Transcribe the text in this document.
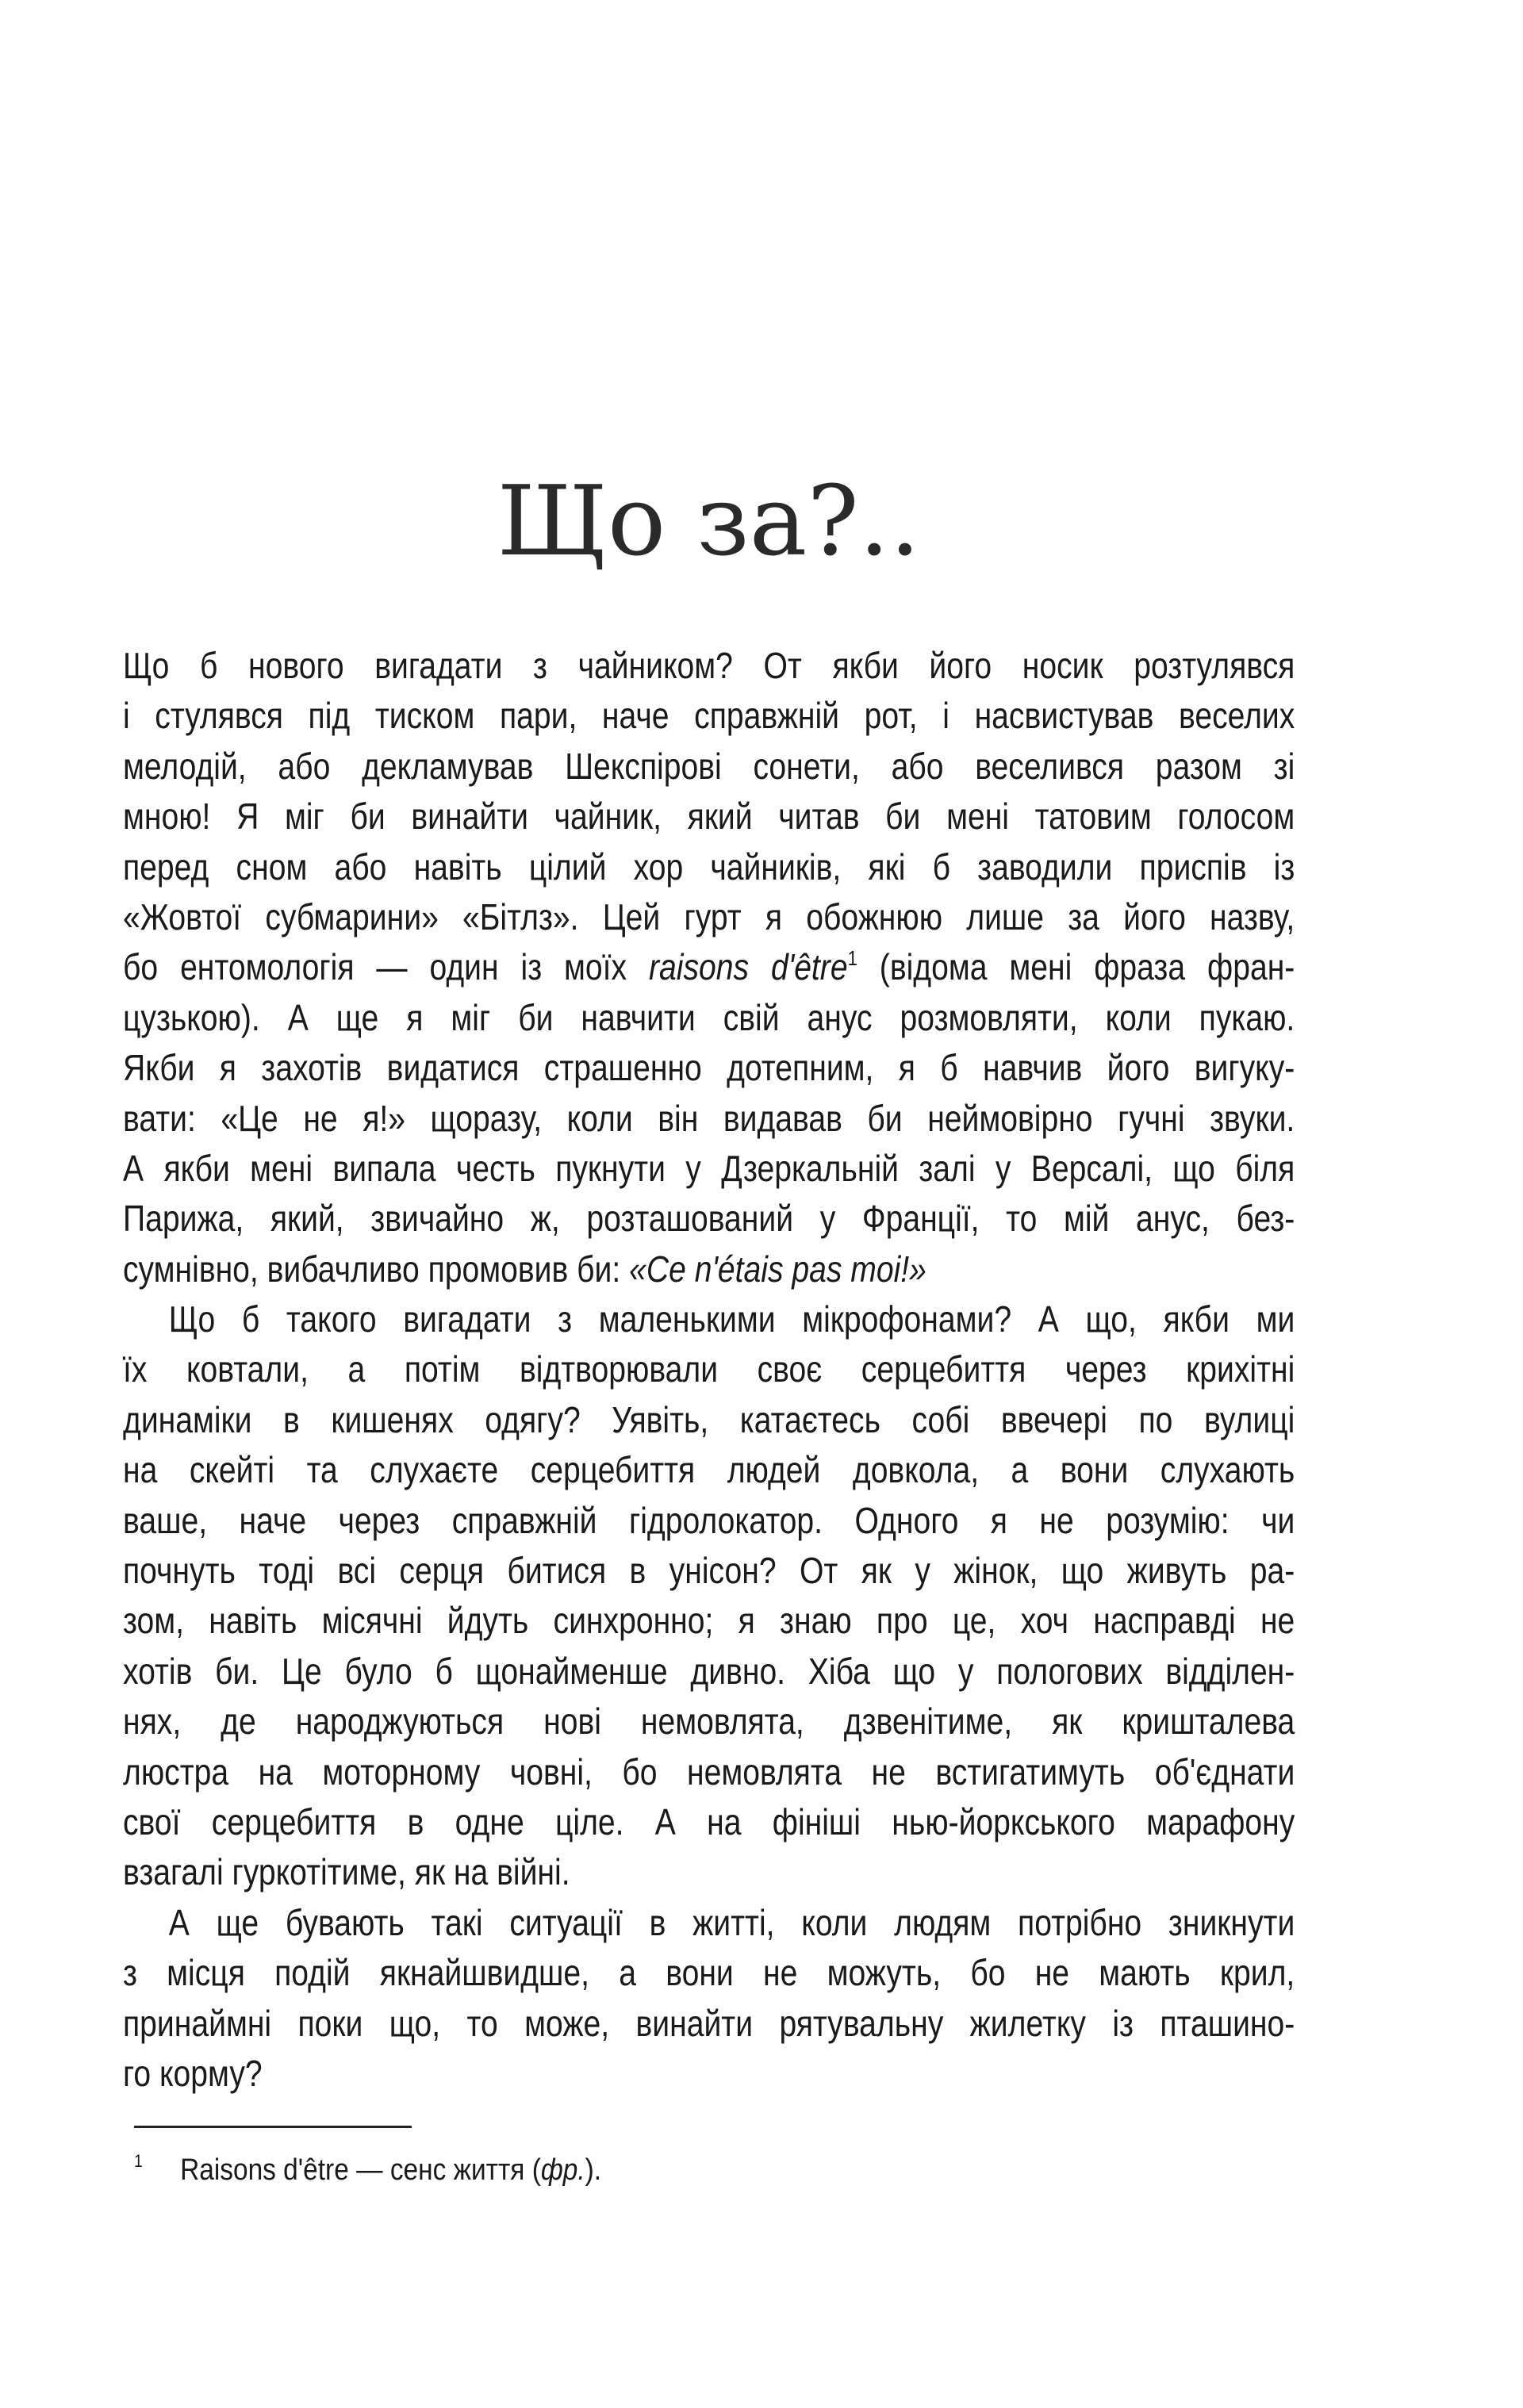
Що за?..
Що б нового вигадати з чайником? От якби його носик розтулявся
і стулявся під тиском пари, наче справжній рот, і насвистував веселих
мелодій, або декламував Шекспірові сонети, або веселився разом зі
мною! Я міг би винайти чайник, який читав би мені татовим голосом
перед сном або навіть цілий хор чайників, які б заводили приспів із
«Жовтої субмарини» «Бітлз». Цей гурт я обожнюю лише за його назву,
бо ентомологія — один із моїх raisons d'être$^1$ (відома мені фраза фран-
цузькою). А ще я міг би навчити свій анус розмовляти, коли пукаю.
Якби я захотів видатися страшенно дотепним, я б навчив його вигуку-
вати: «Це не я!» щоразу, коли він видавав би неймовірно гучні звуки.
А якби мені випала честь пукнути у Дзеркальній залі у Версалі, що біля
Парижа, який, звичайно ж, розташований у Франції, то мій анус, без-
сумнівно, вибачливо промовив би: «Ce n'étais pas moi!»
Що б такого вигадати з маленькими мікрофонами? А що, якби ми
їх ковтали, а потім відтворювали своє серцебиття через крихітні
динаміки в кишенях одягу? Уявіть, катаєтесь собі ввечері по вулиці
на скейті та слухаєте серцебиття людей довкола, а вони слухають
ваше, наче через справжній гідролокатор. Одного я не розумію: чи
почнуть тоді всі серця битися в унісон? От як у жінок, що живуть ра-
зом, навіть місячні йдуть синхронно; я знаю про це, хоч насправді не
хотів би. Це було б щонайменше дивно. Хіба що у пологових відділен-
нях, де народжуються нові немовлята, дзвенітиме, як кришталева
люстра на моторному човні, бо немовлята не встигатимуть об'єднати
свої серцебиття в одне ціле. А на фініші нью-йоркського марафону
взагалі гуркотітиме, як на війні.
А ще бувають такі ситуації в житті, коли людям потрібно зникнути
з місця подій якнайшвидше, а вони не можуть, бо не мають крил,
принаймні поки що, то може, винайти рятувальну жилетку із пташино-
го корму?
1 Raisons d'être — сенс життя (фр.).
